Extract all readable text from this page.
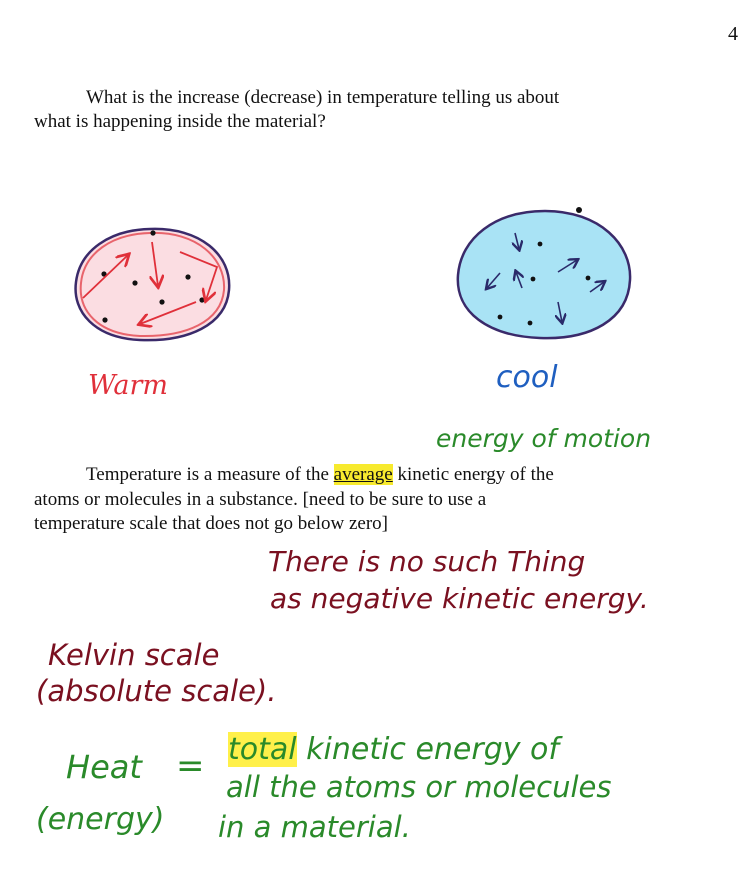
4
What is the increase (decrease) in temperature telling us about
what is happening inside the material?
Warm	cool
energy of motion
Temperature is a measure of the average kinetic energy of the
atoms or molecules in a substance. [need to be sure to use a
temperature scale that does not go below zero]
There is no such Thing
as negative kinetic energy.
Kelvin scale
(absolute scale).
Heat
(energy)
= total kinetic energy of
all the atoms or molecules
in a material.
